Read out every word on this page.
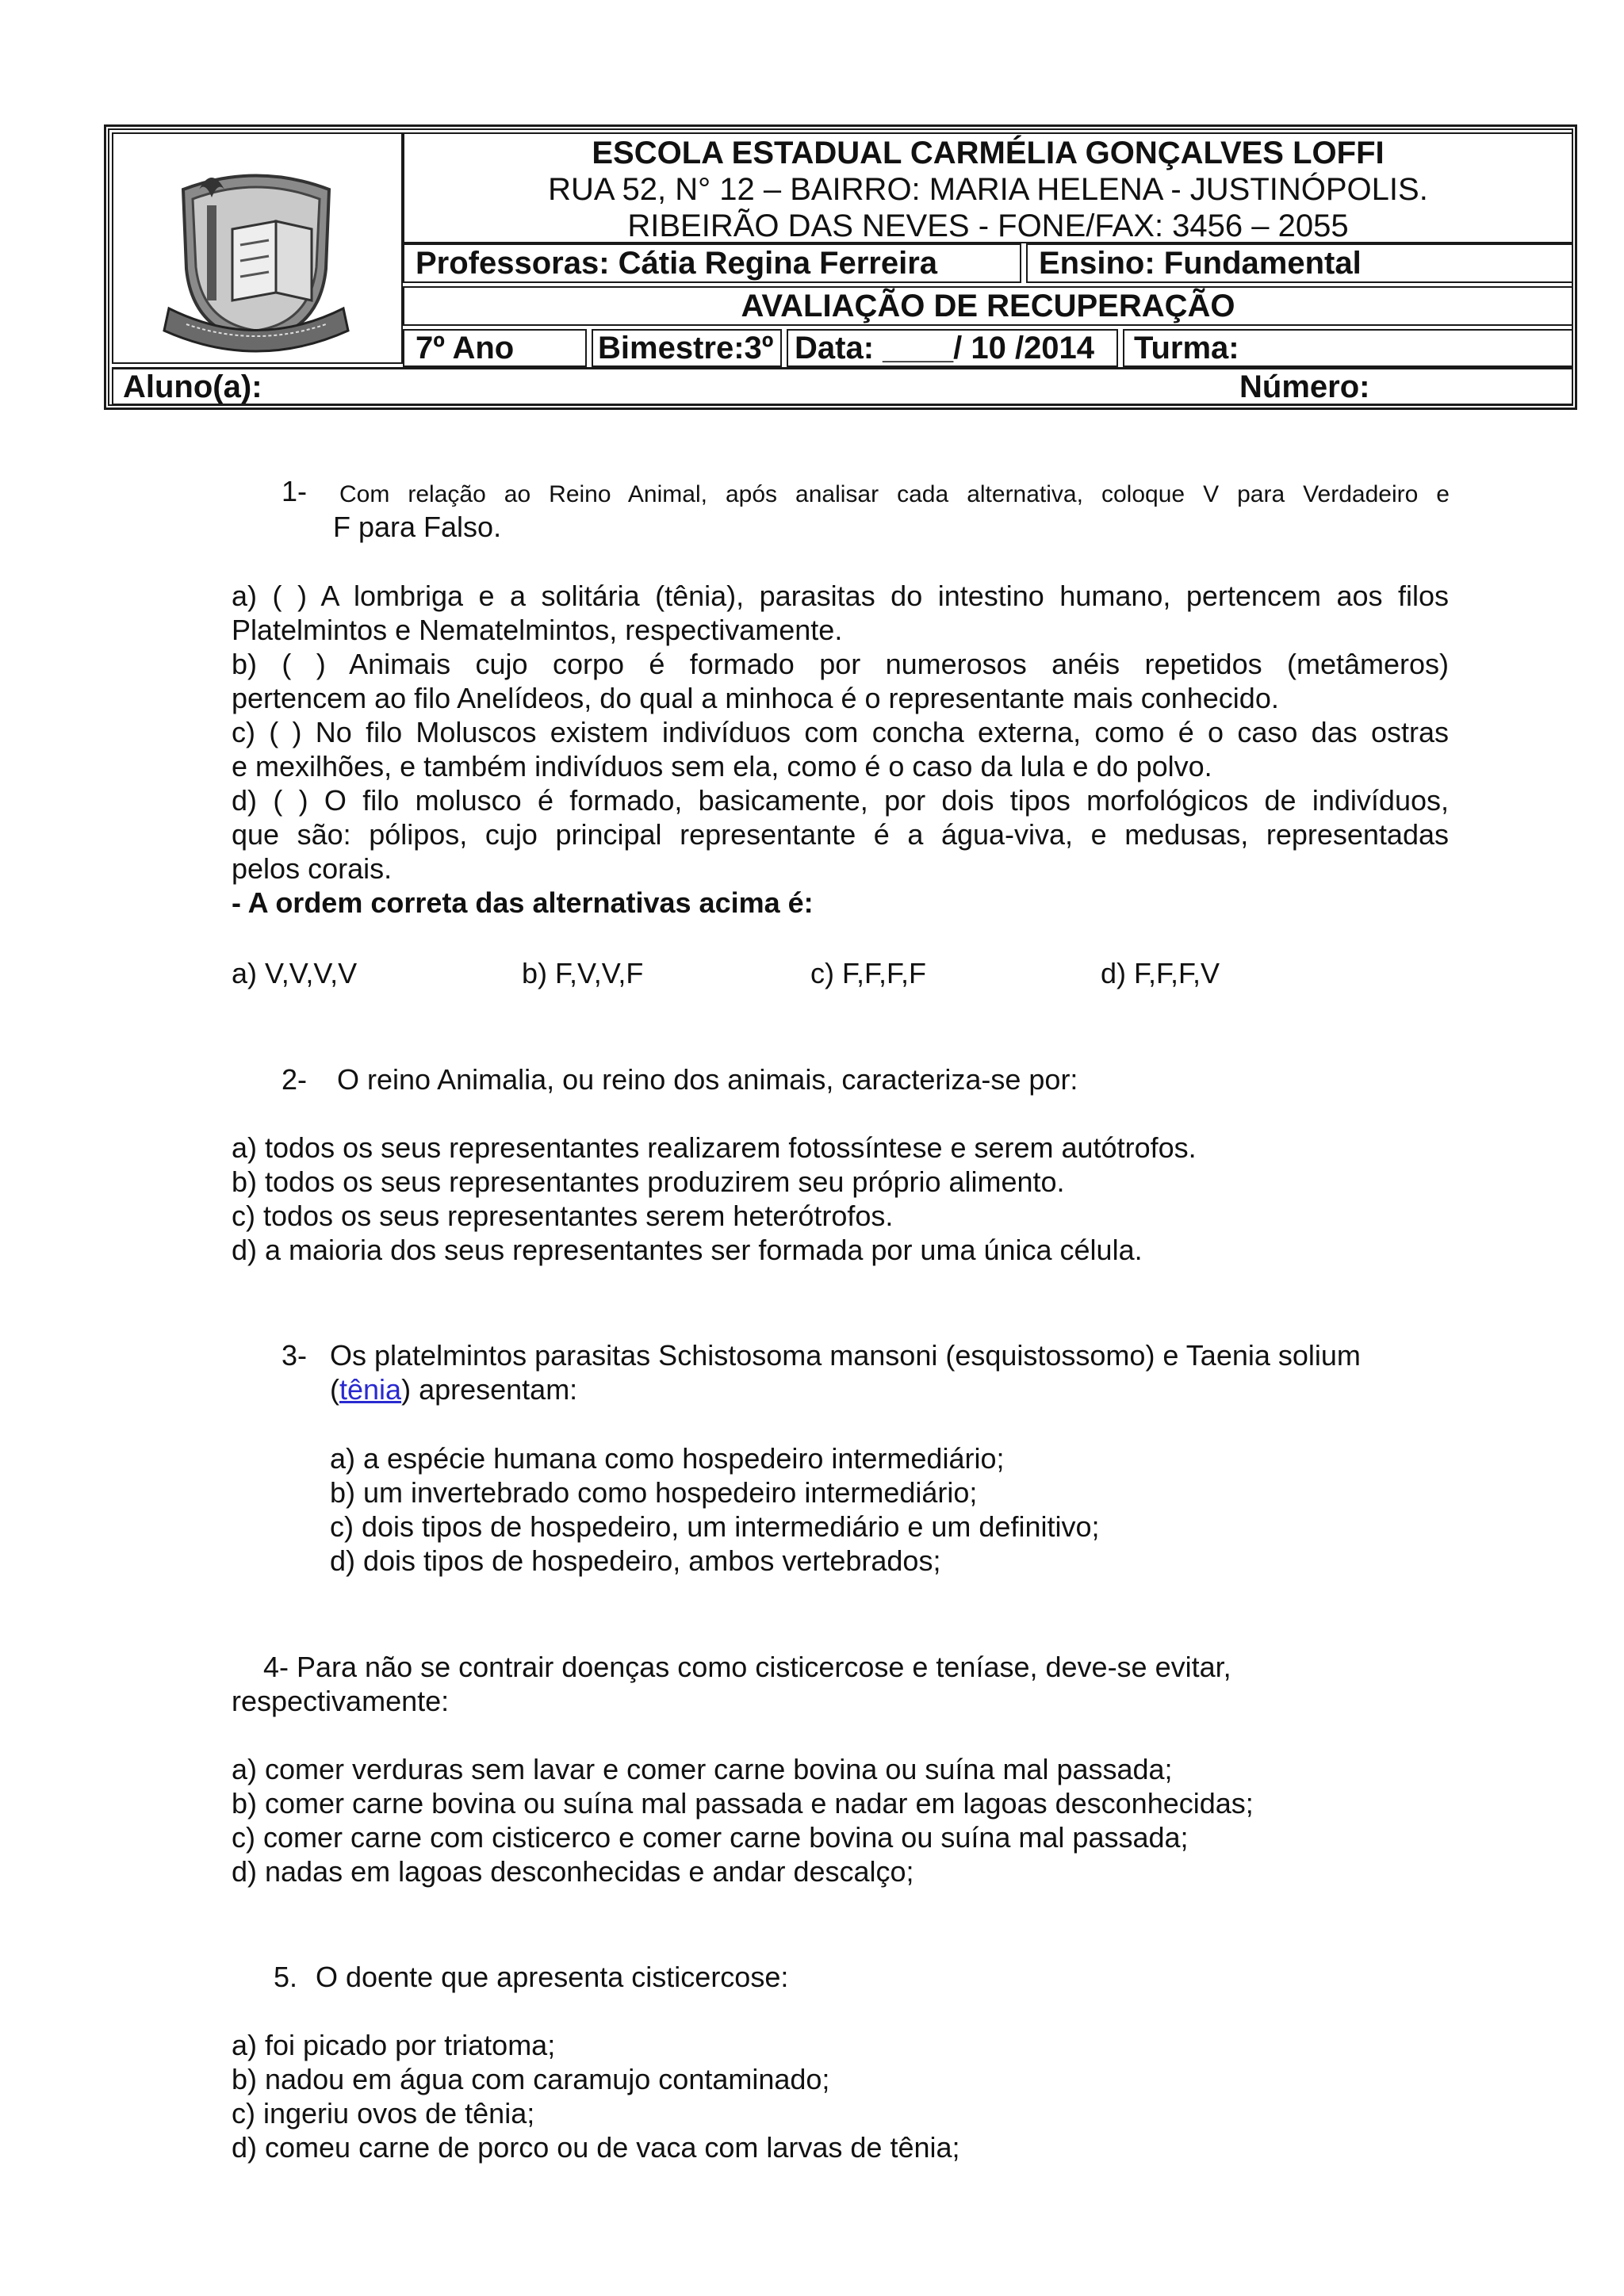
ESCOLA ESTADUAL CARMÉLIA GONÇALVES LOFFI
RUA 52, N° 12 – BAIRRO: MARIA HELENA - JUSTINÓPOLIS.
RIBEIRÃO DAS NEVES - FONE/FAX: 3456 – 2055
Professoras: Cátia Regina Ferreira	Ensino: Fundamental
AVALIAÇÃO DE RECUPERAÇÃO
7º Ano	Bimestre:3º Data: ____/ 10 /2014	Turma:
Aluno(a):	Número:
1- Com relação ao Reino Animal, após analisar cada alternativa, coloque V para Verdadeiro e
F para Falso.
a) ( ) A lombriga e a solitária (tênia), parasitas do intestino humano, pertencem aos filos
Platelmintos e Nematelmintos, respectivamente.
b) ( ) Animais cujo corpo é formado por numerosos anéis repetidos (metâmeros)
pertencem ao filo Anelídeos, do qual a minhoca é o representante mais conhecido.
c) ( ) No filo Moluscos existem indivíduos com concha externa, como é o caso das ostras
e mexilhões, e também indivíduos sem ela, como é o caso da lula e do polvo.
d) ( ) O filo molusco é formado, basicamente, por dois tipos morfológicos de indivíduos,
que são: pólipos, cujo principal representante é a água-viva, e medusas, representadas
pelos corais.
- A ordem correta das alternativas acima é:
a) V,V,V,V	b) F,V,V,F	c) F,F,F,F	d) F,F,F,V
2- O reino Animalia, ou reino dos animais, caracteriza-se por:
a) todos os seus representantes realizarem fotossíntese e serem autótrofos.
b) todos os seus representantes produzirem seu próprio alimento.
c) todos os seus representantes serem heterótrofos.
d) a maioria dos seus representantes ser formada por uma única célula.
3- Os platelmintos parasitas Schistosoma mansoni (esquistossomo) e Taenia solium
(tênia) apresentam:
a) a espécie humana como hospedeiro intermediário;
b) um invertebrado como hospedeiro intermediário;
c) dois tipos de hospedeiro, um intermediário e um definitivo;
d) dois tipos de hospedeiro, ambos vertebrados;
4- Para não se contrair doenças como cisticercose e teníase, deve-se evitar,
respectivamente:
a) comer verduras sem lavar e comer carne bovina ou suína mal passada;
b) comer carne bovina ou suína mal passada e nadar em lagoas desconhecidas;
c) comer carne com cisticerco e comer carne bovina ou suína mal passada;
d) nadas em lagoas desconhecidas e andar descalço;
5. O doente que apresenta cisticercose:
a) foi picado por triatoma;
b) nadou em água com caramujo contaminado;
c) ingeriu ovos de tênia;
d) comeu carne de porco ou de vaca com larvas de tênia;
